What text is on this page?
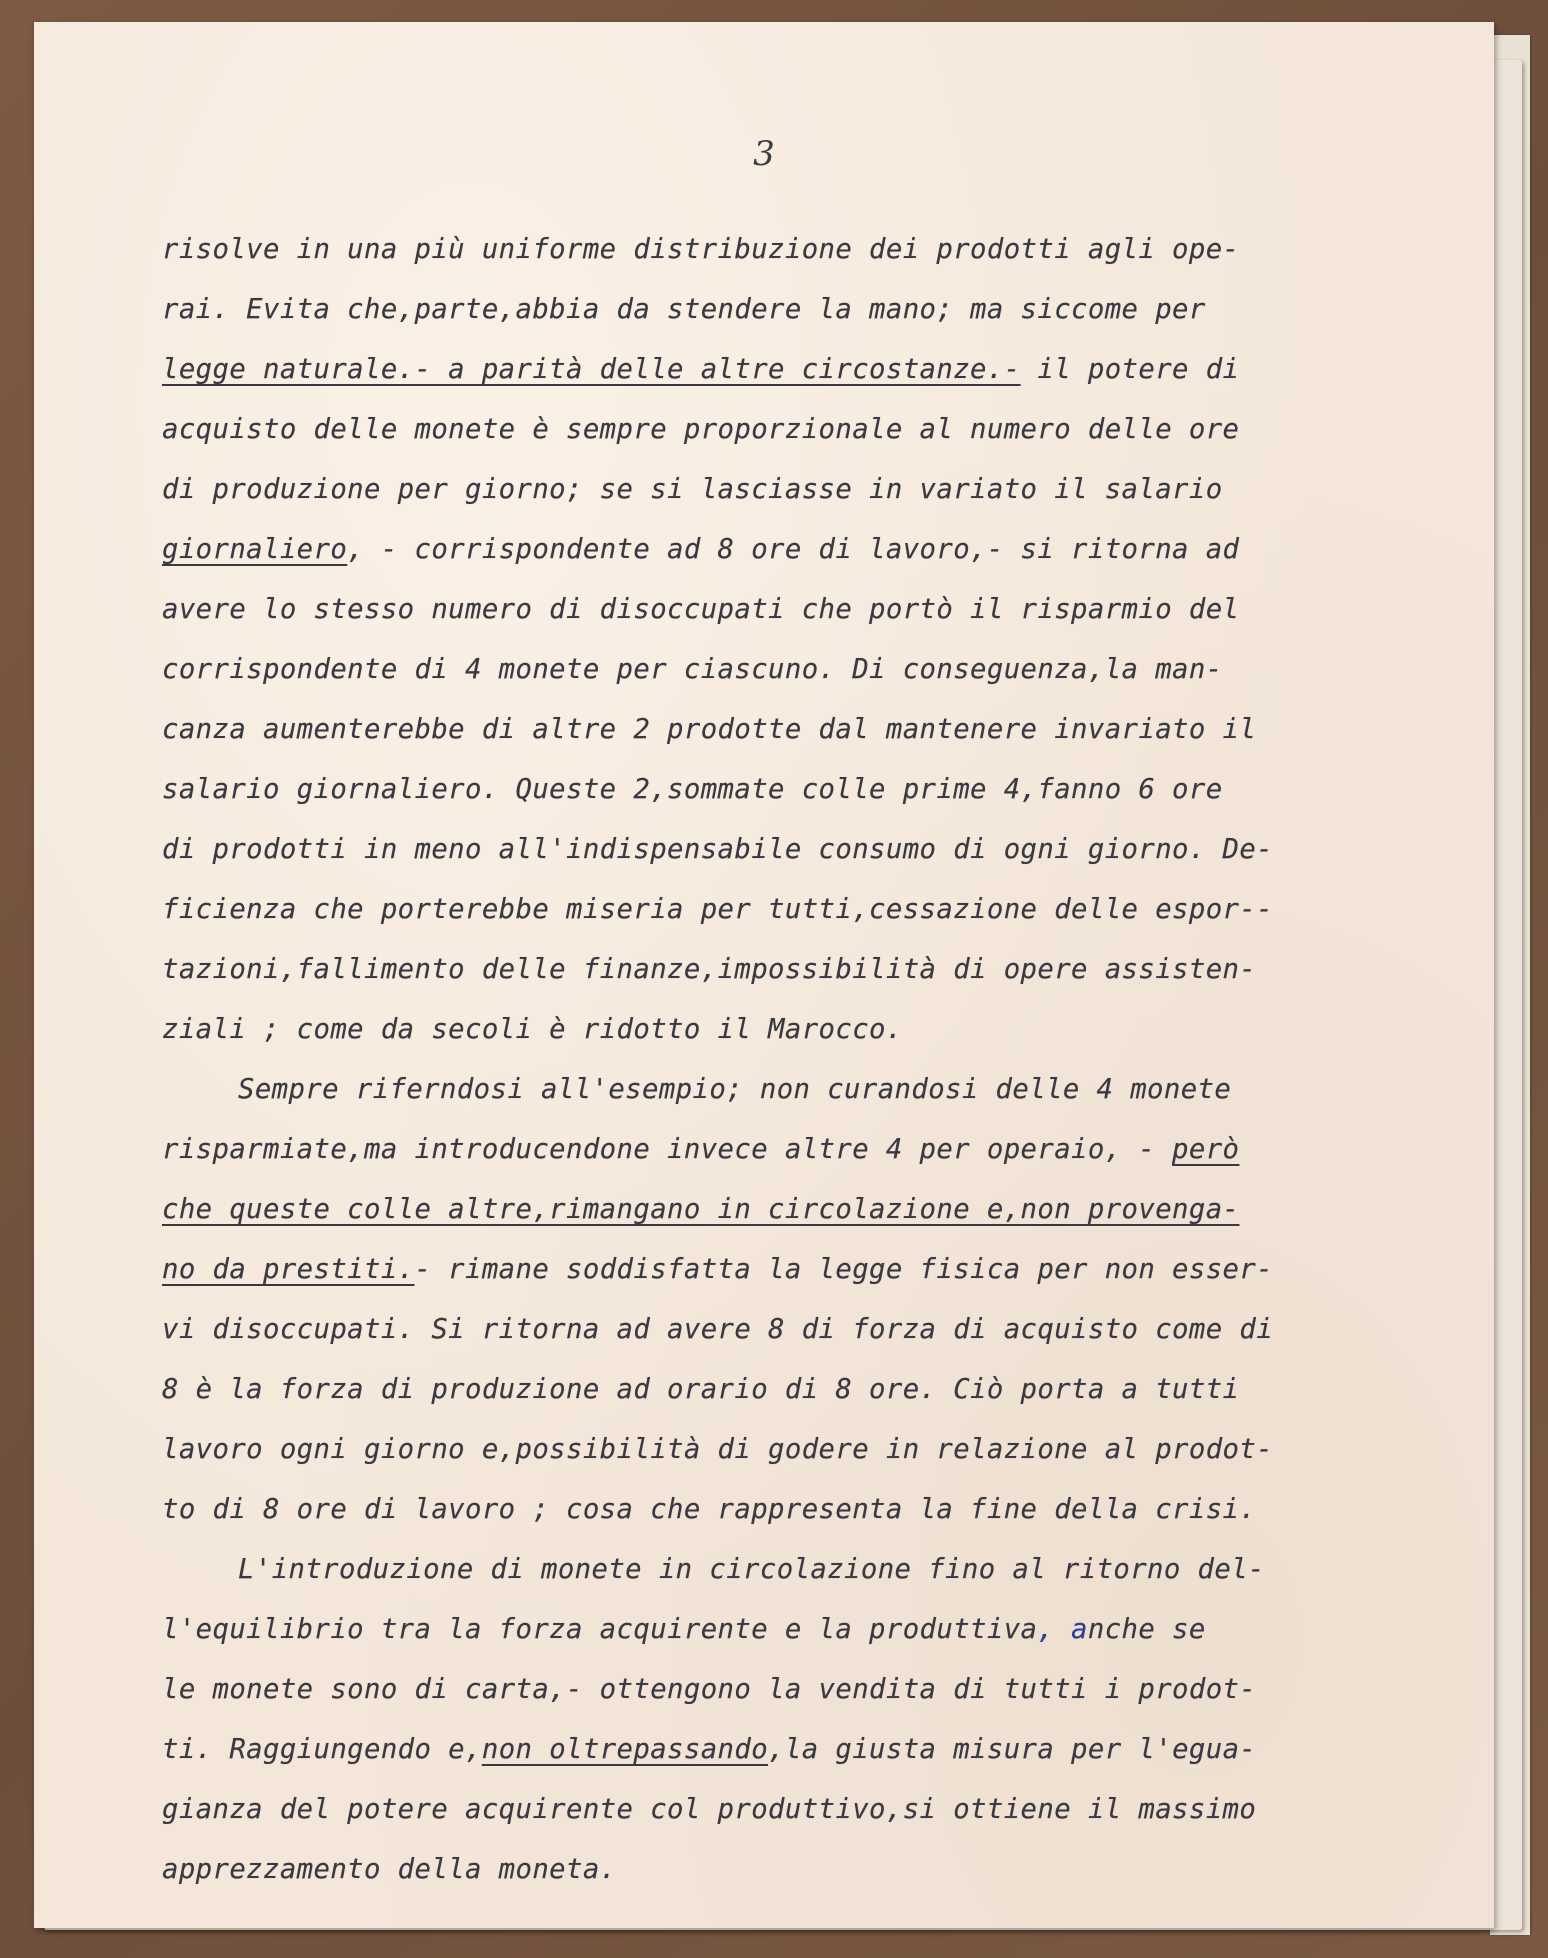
3
risolve in una più uniforme distribuzione dei prodotti agli ope-
rai. Evita che,parte,abbia da stendere la mano; ma siccome per
legge naturale.- a parità delle altre circostanze.- il potere di
acquisto delle monete è sempre proporzionale al numero delle ore
di produzione per giorno; se si lasciasse in variato il salario
giornaliero, - corrispondente ad 8 ore di lavoro,- si ritorna ad
avere lo stesso numero di disoccupati che portò il risparmio del
corrispondente di 4 monete per ciascuno. Di conseguenza,la man-
canza aumenterebbe di altre 2 prodotte dal mantenere invariato il
salario giornaliero. Queste 2,sommate colle prime 4,fanno 6 ore
di prodotti in meno all'indispensabile consumo di ogni giorno. De-
ficienza che porterebbe miseria per tutti,cessazione delle espor--
tazioni,fallimento delle finanze,impossibilità di opere assisten-
ziali ; come da secoli è ridotto il Marocco.
Sempre riferndosi all'esempio; non curandosi delle 4 monete
risparmiate,ma introducendone invece altre 4 per operaio, - però
che queste colle altre,rimangano in circolazione e,non provenga-
no da prestiti.- rimane soddisfatta la legge fisica per non esser-
vi disoccupati. Si ritorna ad avere 8 di forza di acquisto come di
8 è la forza di produzione ad orario di 8 ore. Ciò porta a tutti
lavoro ogni giorno e,possibilità di godere in relazione al prodot-
to di 8 ore di lavoro ; cosa che rappresenta la fine della crisi.
L'introduzione di monete in circolazione fino al ritorno del-
l'equilibrio tra la forza acquirente e la produttiva, anche se
le monete sono di carta,- ottengono la vendita di tutti i prodot-
ti. Raggiungendo e,non oltrepassando,la giusta misura per l'egua-
gianza del potere acquirente col produttivo,si ottiene il massimo
apprezzamento della moneta.
